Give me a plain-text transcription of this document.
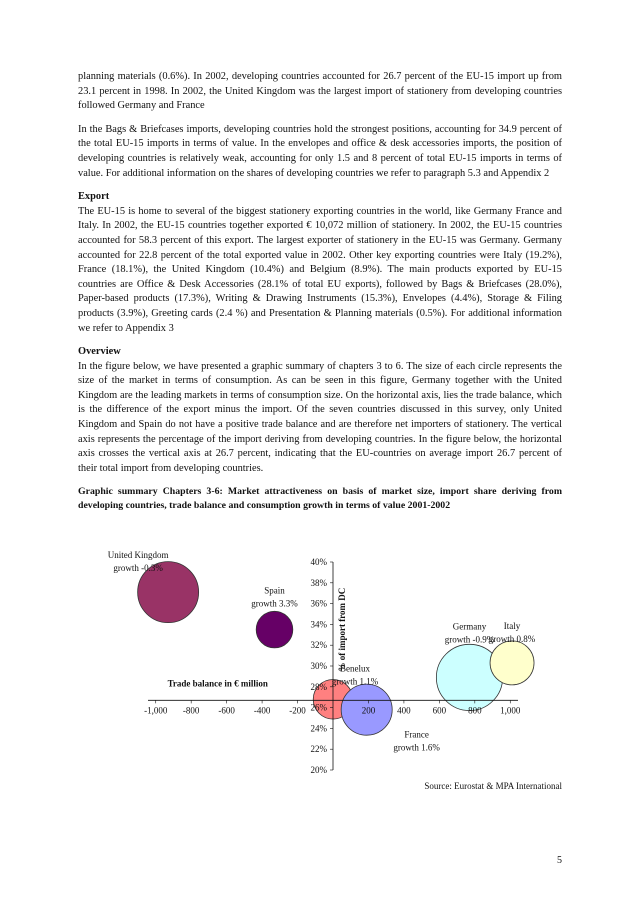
planning materials (0.6%). In 2002, developing countries accounted for 26.7 percent of the EU-15 import up from 23.1 percent in 1998. In 2002, the United Kingdom was the largest import of stationery from developing countries followed Germany and France

In the Bags & Briefcases imports, developing countries hold the strongest positions, accounting for 34.9 percent of the total EU-15 imports in terms of value. In the envelopes and office & desk accessories imports, the position of developing countries is relatively weak, accounting for only 1.5 and 8 percent of total EU-15 imports in terms of value. For additional information on the shares of developing countries we refer to paragraph 5.3 and Appendix 2

Export

The EU-15 is home to several of the biggest stationery exporting countries in the world, like Germany France and Italy. In 2002, the EU-15 countries together exported € 10,072 million of stationery. In 2002, the EU-15 countries accounted for 58.3 percent of this export. The largest exporter of stationery in the EU-15 was Germany. Germany accounted for 22.8 percent of the total exported value in 2002. Other key exporting countries were Italy (19.2%), France (18.1%), the United Kingdom (10.4%) and Belgium (8.9%). The main products exported by EU-15 countries are Office & Desk Accessories (28.1% of total EU exports), followed by Bags & Briefcases (28.0%), Paper-based products (17.3%), Writing & Drawing Instruments (15.3%), Envelopes (4.4%), Storage & Filing products (3.9%), Greeting cards (2.4 %) and Presentation & Planning materials (0.5%). For additional information we refer to Appendix 3

Overview

In the figure below, we have presented a graphic summary of chapters 3 to 6. The size of each circle represents the size of the market in terms of consumption. As can be seen in this figure, Germany together with the United Kingdom are the leading markets in terms of consumption size. On the horizontal axis, lies the trade balance, which is the difference of the export minus the import. Of the seven countries discussed in this survey, only United Kingdom and Spain do not have a positive trade balance and are therefore net importers of stationery. The vertical axis represents the percentage of the import deriving from developing countries. In the figure below, the horizontal axis crosses the vertical axis at 26.7 percent, indicating that the EU-countries on average import 26.7 percent of their total import from developing countries.

Graphic summary Chapters 3-6: Market attractiveness on basis of market size, import share deriving from developing countries, trade balance and consumption growth in terms of value 2001-2002

20%
22%
24%
26%
28%
30%
32%
34%
36%
38%
40%
-1,000 -800 -600 -400 -200	200 400 600 800 1,000
Trade balance in € million
% of import from DC
United Kingdom
growth -0.3%
Spain
growth 3.3%
Germany
growth -0.9%
Italy
growth 0.8%
Benelux
growth 1.1%
France
growth 1.6%
Source: Eurostat & MPA International
5
